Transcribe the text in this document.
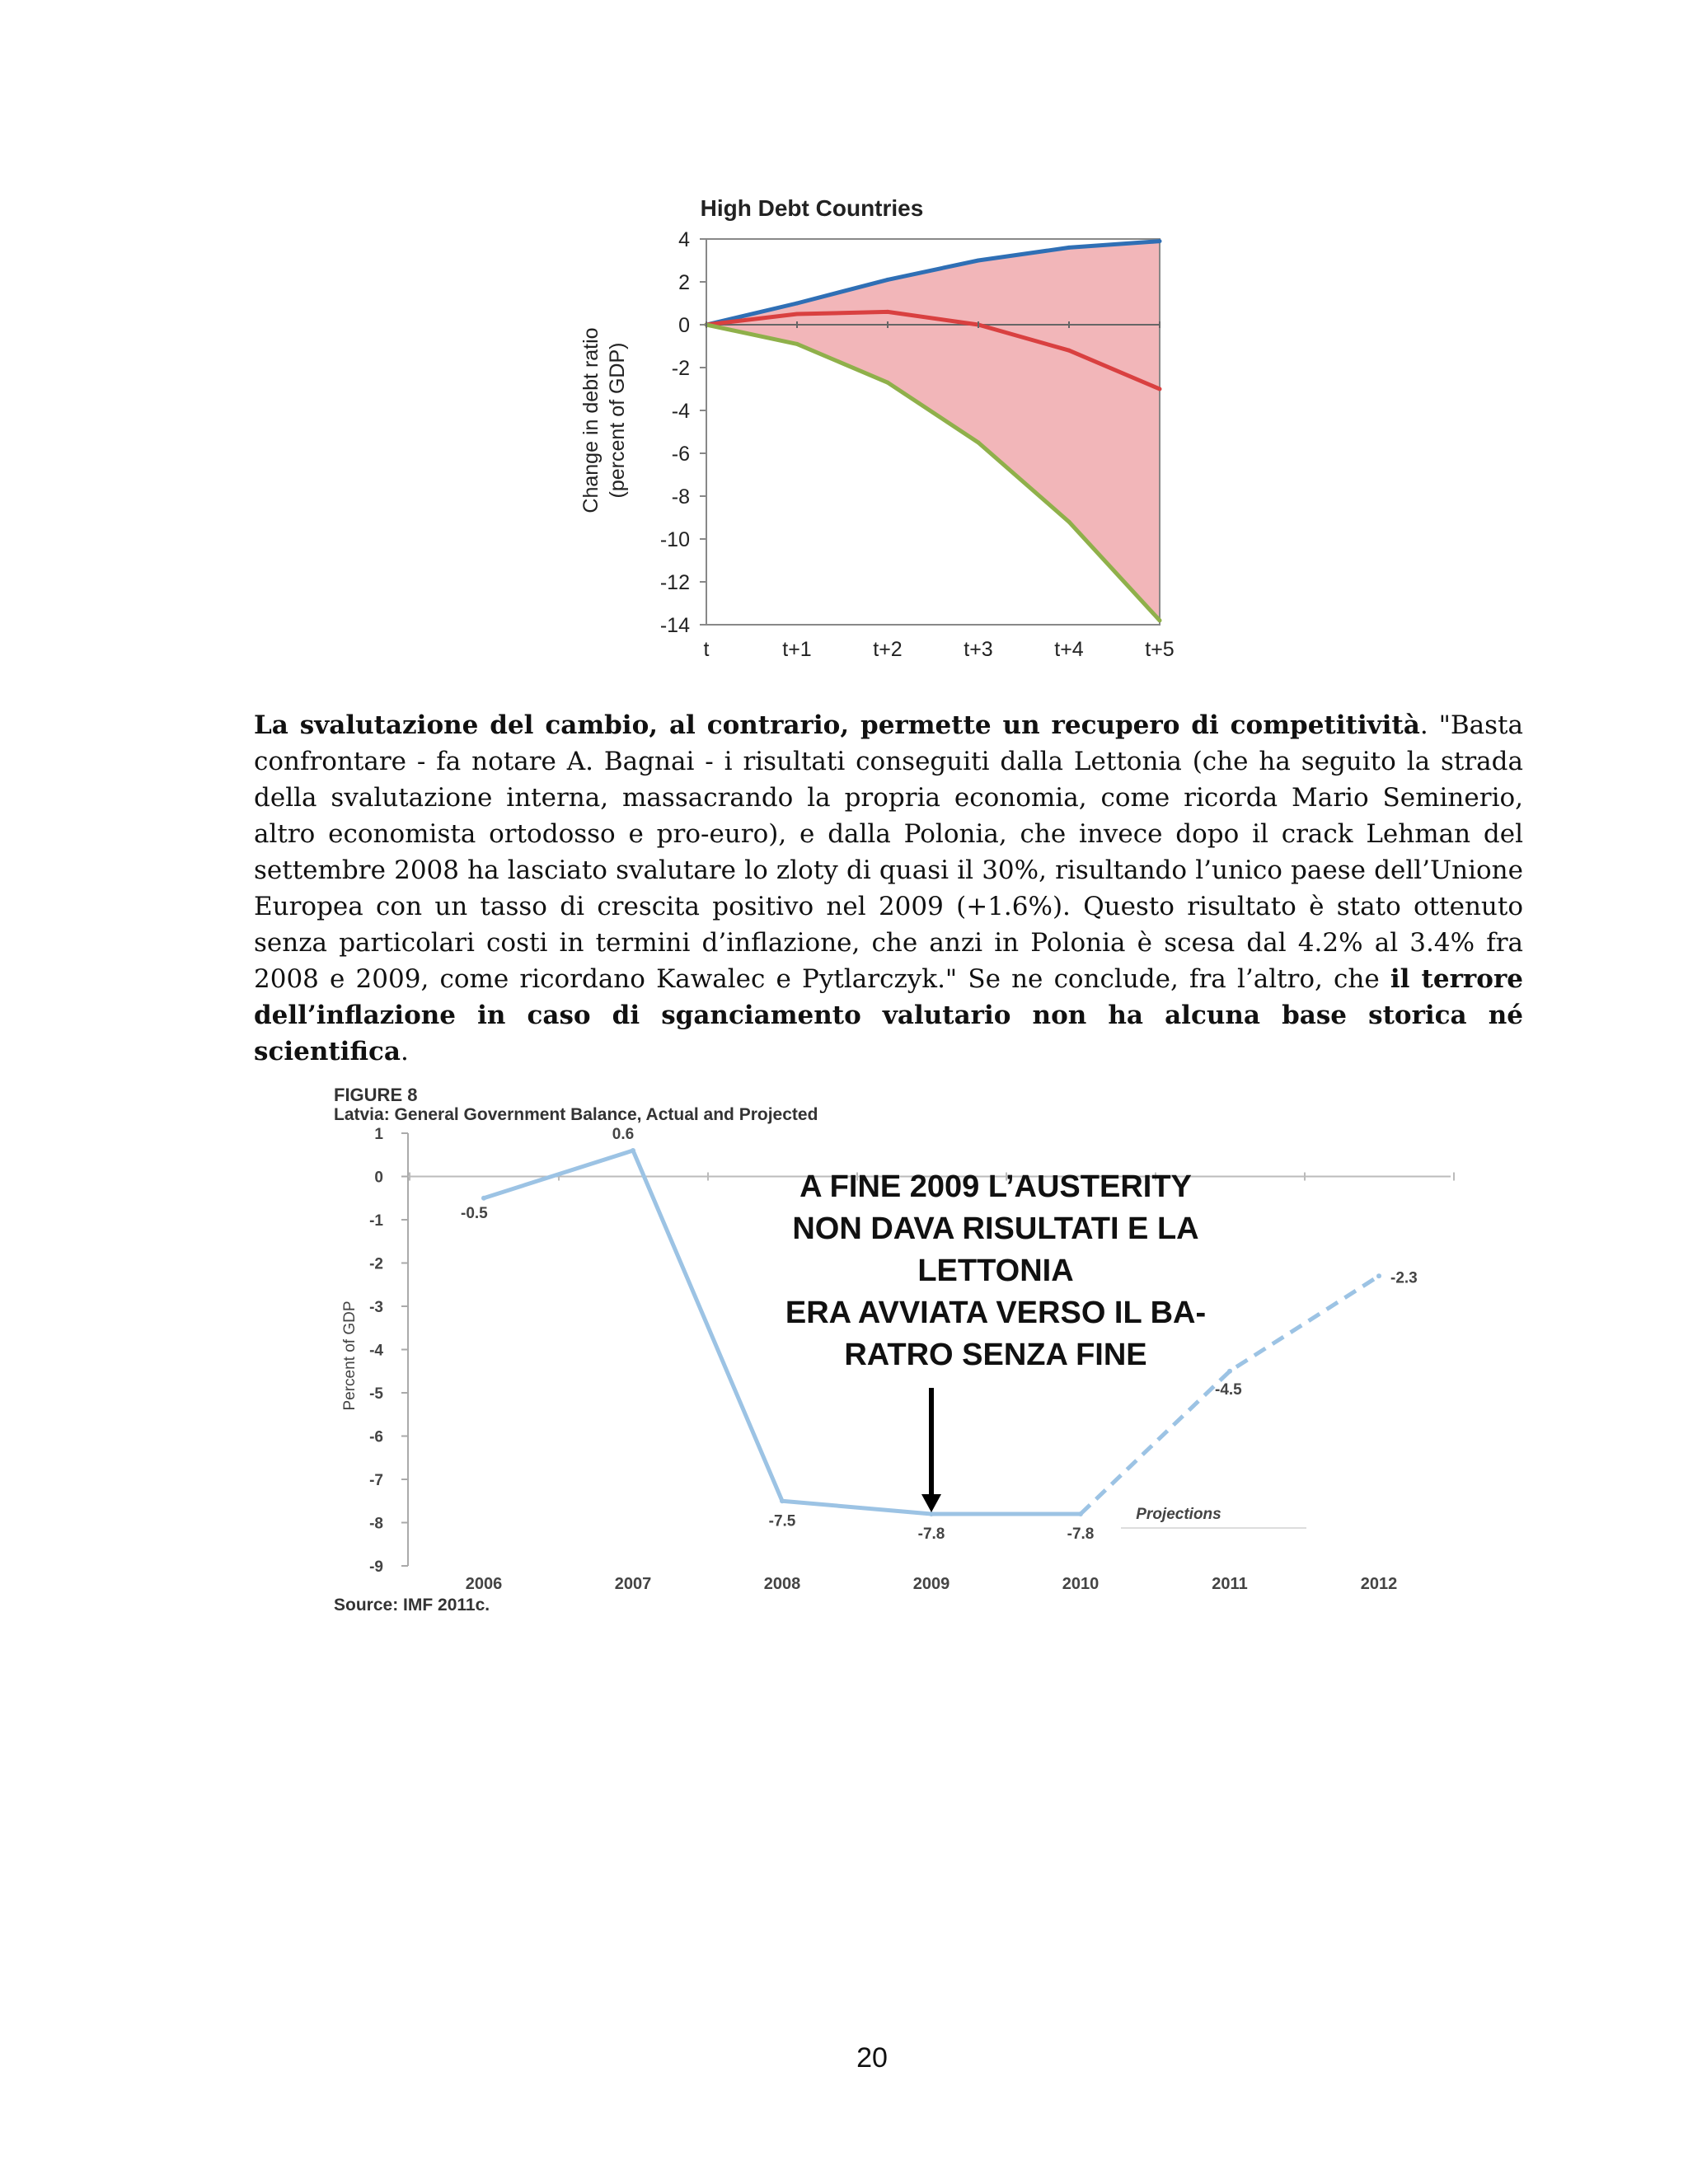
High Debt Countries
Change in debt ratio (percent of GDP)
4
2
0
-2
-4
-6
-8
-10
-12
-14
t	t+1	t+2	t+3	t+4	t+5

La svalutazione del cambio, al contrario, permette un recupero di competitività. "Basta confrontare - fa notare A. Bagnai - i risultati conseguiti dalla Lettonia (che ha seguito la strada della svalutazione interna, massacrando la propria economia, come ricorda Mario Seminerio, altro economista ortodosso e pro-euro), e dalla Polonia, che invece dopo il crack Lehman del settembre 2008 ha lasciato svalutare lo zloty di quasi il 30%, risultando l’unico paese dell’Unione Europea con un tasso di crescita positivo nel 2009 (+1.6%). Questo risultato è stato ottenuto senza particolari costi in termini d’inflazione, che anzi in Polonia è scesa dal 4.2% al 3.4% fra 2008 e 2009, come ricordano Kawalec e Pytlarczyk." Se ne conclude, fra l’altro, che il terrore dell’inflazione in caso di sganciamento valutario non ha alcuna base storica né scientifica.

FIGURE 8
Latvia: General Government Balance, Actual and Projected
Percent of GDP
1
0
-1
-2
-3
-4
-5
-6
-7
-8
-9
2006	2007	2008	2009	2010	2011	2012
-0.5
0.6
-7.5
-7.8	-7.8
-4.5
-2.3
Projections
A FINE 2009 L’AUSTERITY
NON DAVA RISULTATI E LA
LETTONIA
ERA AVVIATA VERSO IL BA-
RATRO SENZA FINE
Source: IMF 2011c.
20
